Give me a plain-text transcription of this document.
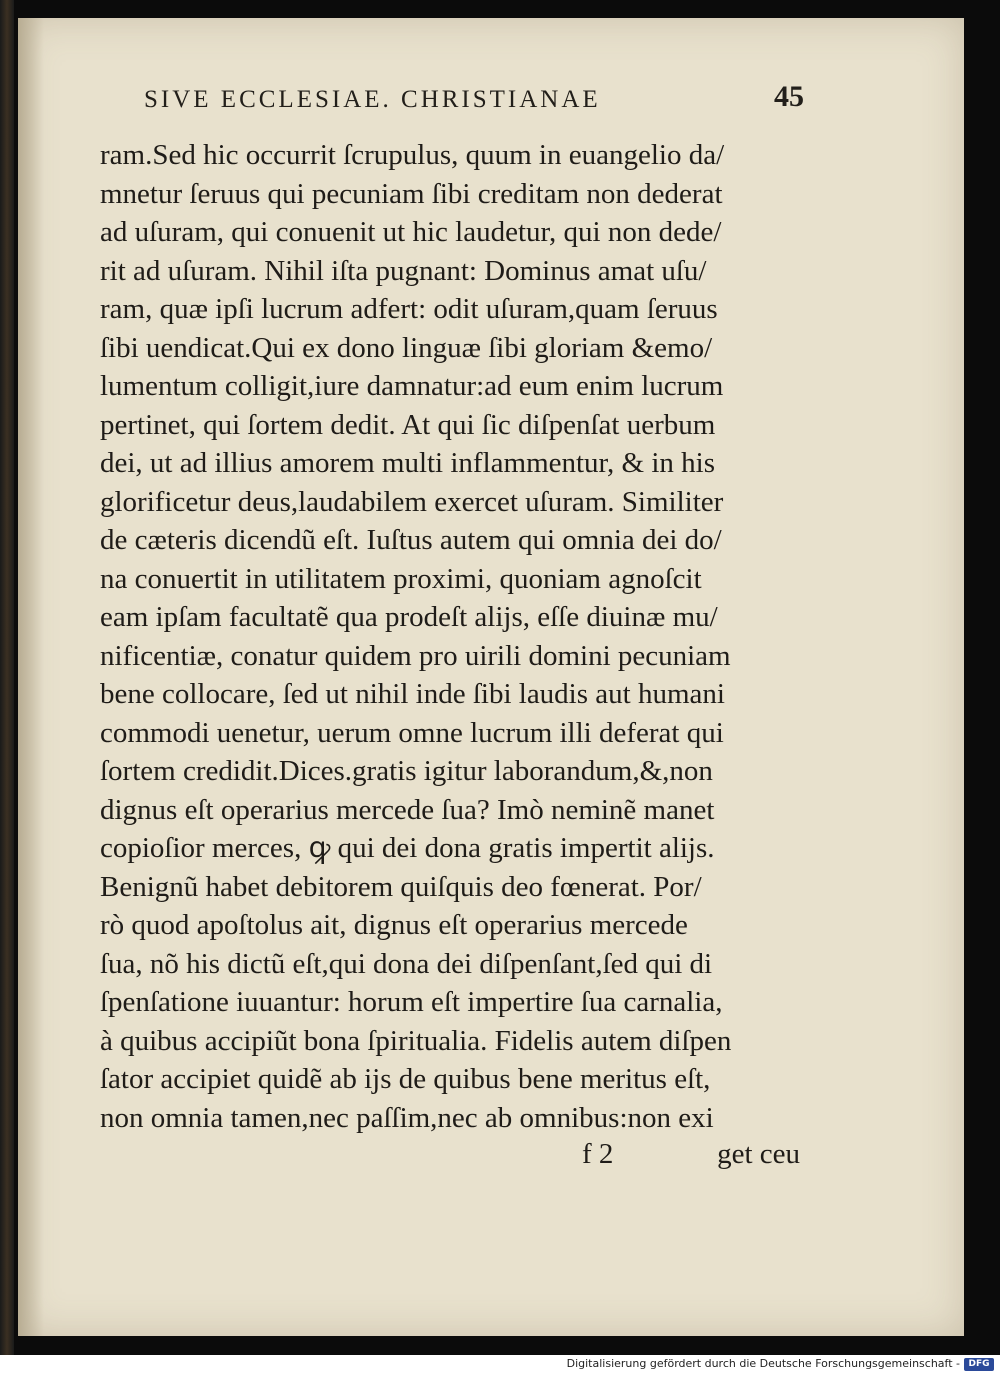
SIVE ECCLESIAE. CHRISTIANAE	45
ram.Sed hic occurrit ſcrupulus, quum in euangelio da/
mnetur ſeruus qui pecuniam ſibi creditam non dederat
ad uſuram, qui conuenit ut hic laudetur, qui non dede/
rit ad uſuram. Nihil iſta pugnant: Dominus amat uſu/
ram, quæ ipſi lucrum adfert: odit uſuram,quam ſeruus
ſibi uendicat.Qui ex dono linguæ ſibi gloriam &emo/
lumentum colligit,iure damnatur:ad eum enim lucrum
pertinet, qui ſortem dedit. At qui ſic diſpenſat uerbum
dei, ut ad illius amorem multi inflammentur, & in his
glorificetur deus,laudabilem exercet uſuram. Similiter
de cæteris dicendũ eſt. Iuſtus autem qui omnia dei do/
na conuertit in utilitatem proximi, quoniam agnoſcit
eam ipſam facultatẽ qua prodeſt aliјs, eſſe diuinæ mu/
nificentiæ, conatur quidem pro uirili domini pecuniam
bene collocare, ſed ut nihil inde ſibi laudis aut humani
commodi uenetur, uerum omne lucrum illi deferat qui
ſortem credidit.Dices.gratis igitur laborandum,&,non
dignus eſt operarius mercede ſua? Imò neminẽ manet
copioſior merces, ꝙ qui dei dona gratis impertit aliјs.
Benignũ habet debitorem quiſquis deo fœnerat. Por/
rò quod apoſtolus ait, dignus eſt operarius mercede
ſua, nõ his dictũ eſt,qui dona dei diſpenſant,ſed qui di
ſpenſatione iuuantur: horum eſt impertire ſua carnalia,
à quibus accipiũt bona ſpiritualia. Fidelis autem diſpen
ſator accipiet quidẽ ab iјs de quibus bene meritus eſt,
non omnia tamen,nec paſſim,nec ab omnibus:non exi
f 2	get ceu
Digitalisierung gefördert durch die Deutsche Forschungsgemeinschaft - DFG
